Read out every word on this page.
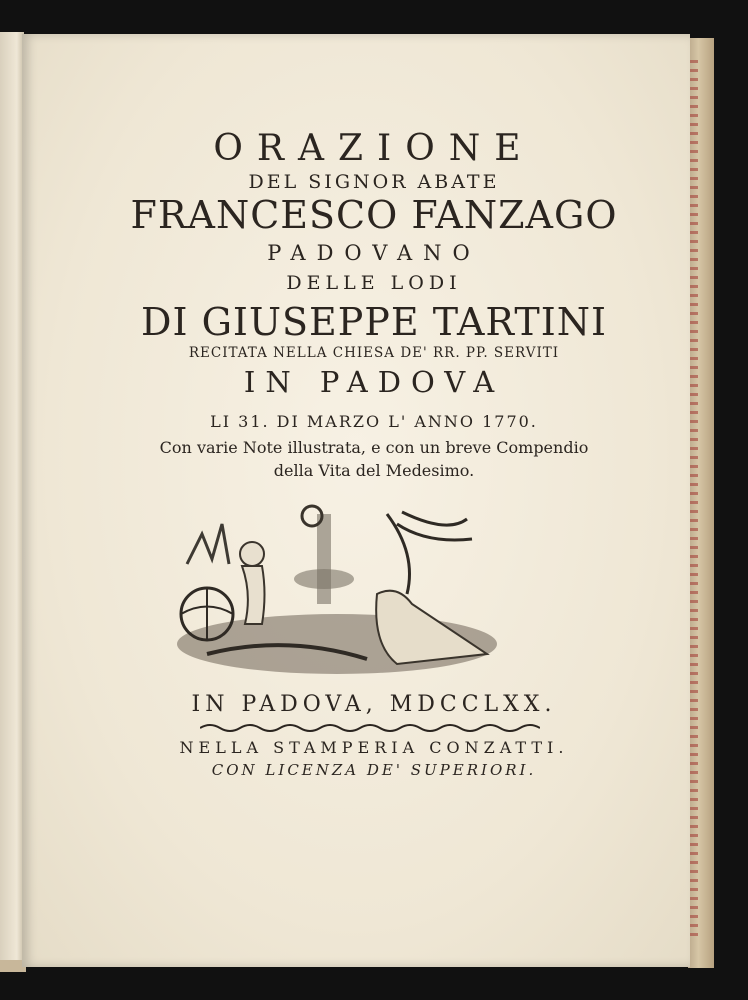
ORAZIONE
DEL SIGNOR ABATE
FRANCESCO FANZAGO
PADOVANO
DELLE LODI
DI GIUSEPPE TARTINI
RECITATA NELLA CHIESA DE' RR. PP. SERVITI
IN PADOVA
LI 31. DI MARZO L' ANNO 1770.
Con varie Note illustrata, e con un breve Compendio
della Vita del Medesimo.
IN PADOVA, MDCCLXX.
NELLA STAMPERIA CONZATTI.
CON LICENZA DE' SUPERIORI.
